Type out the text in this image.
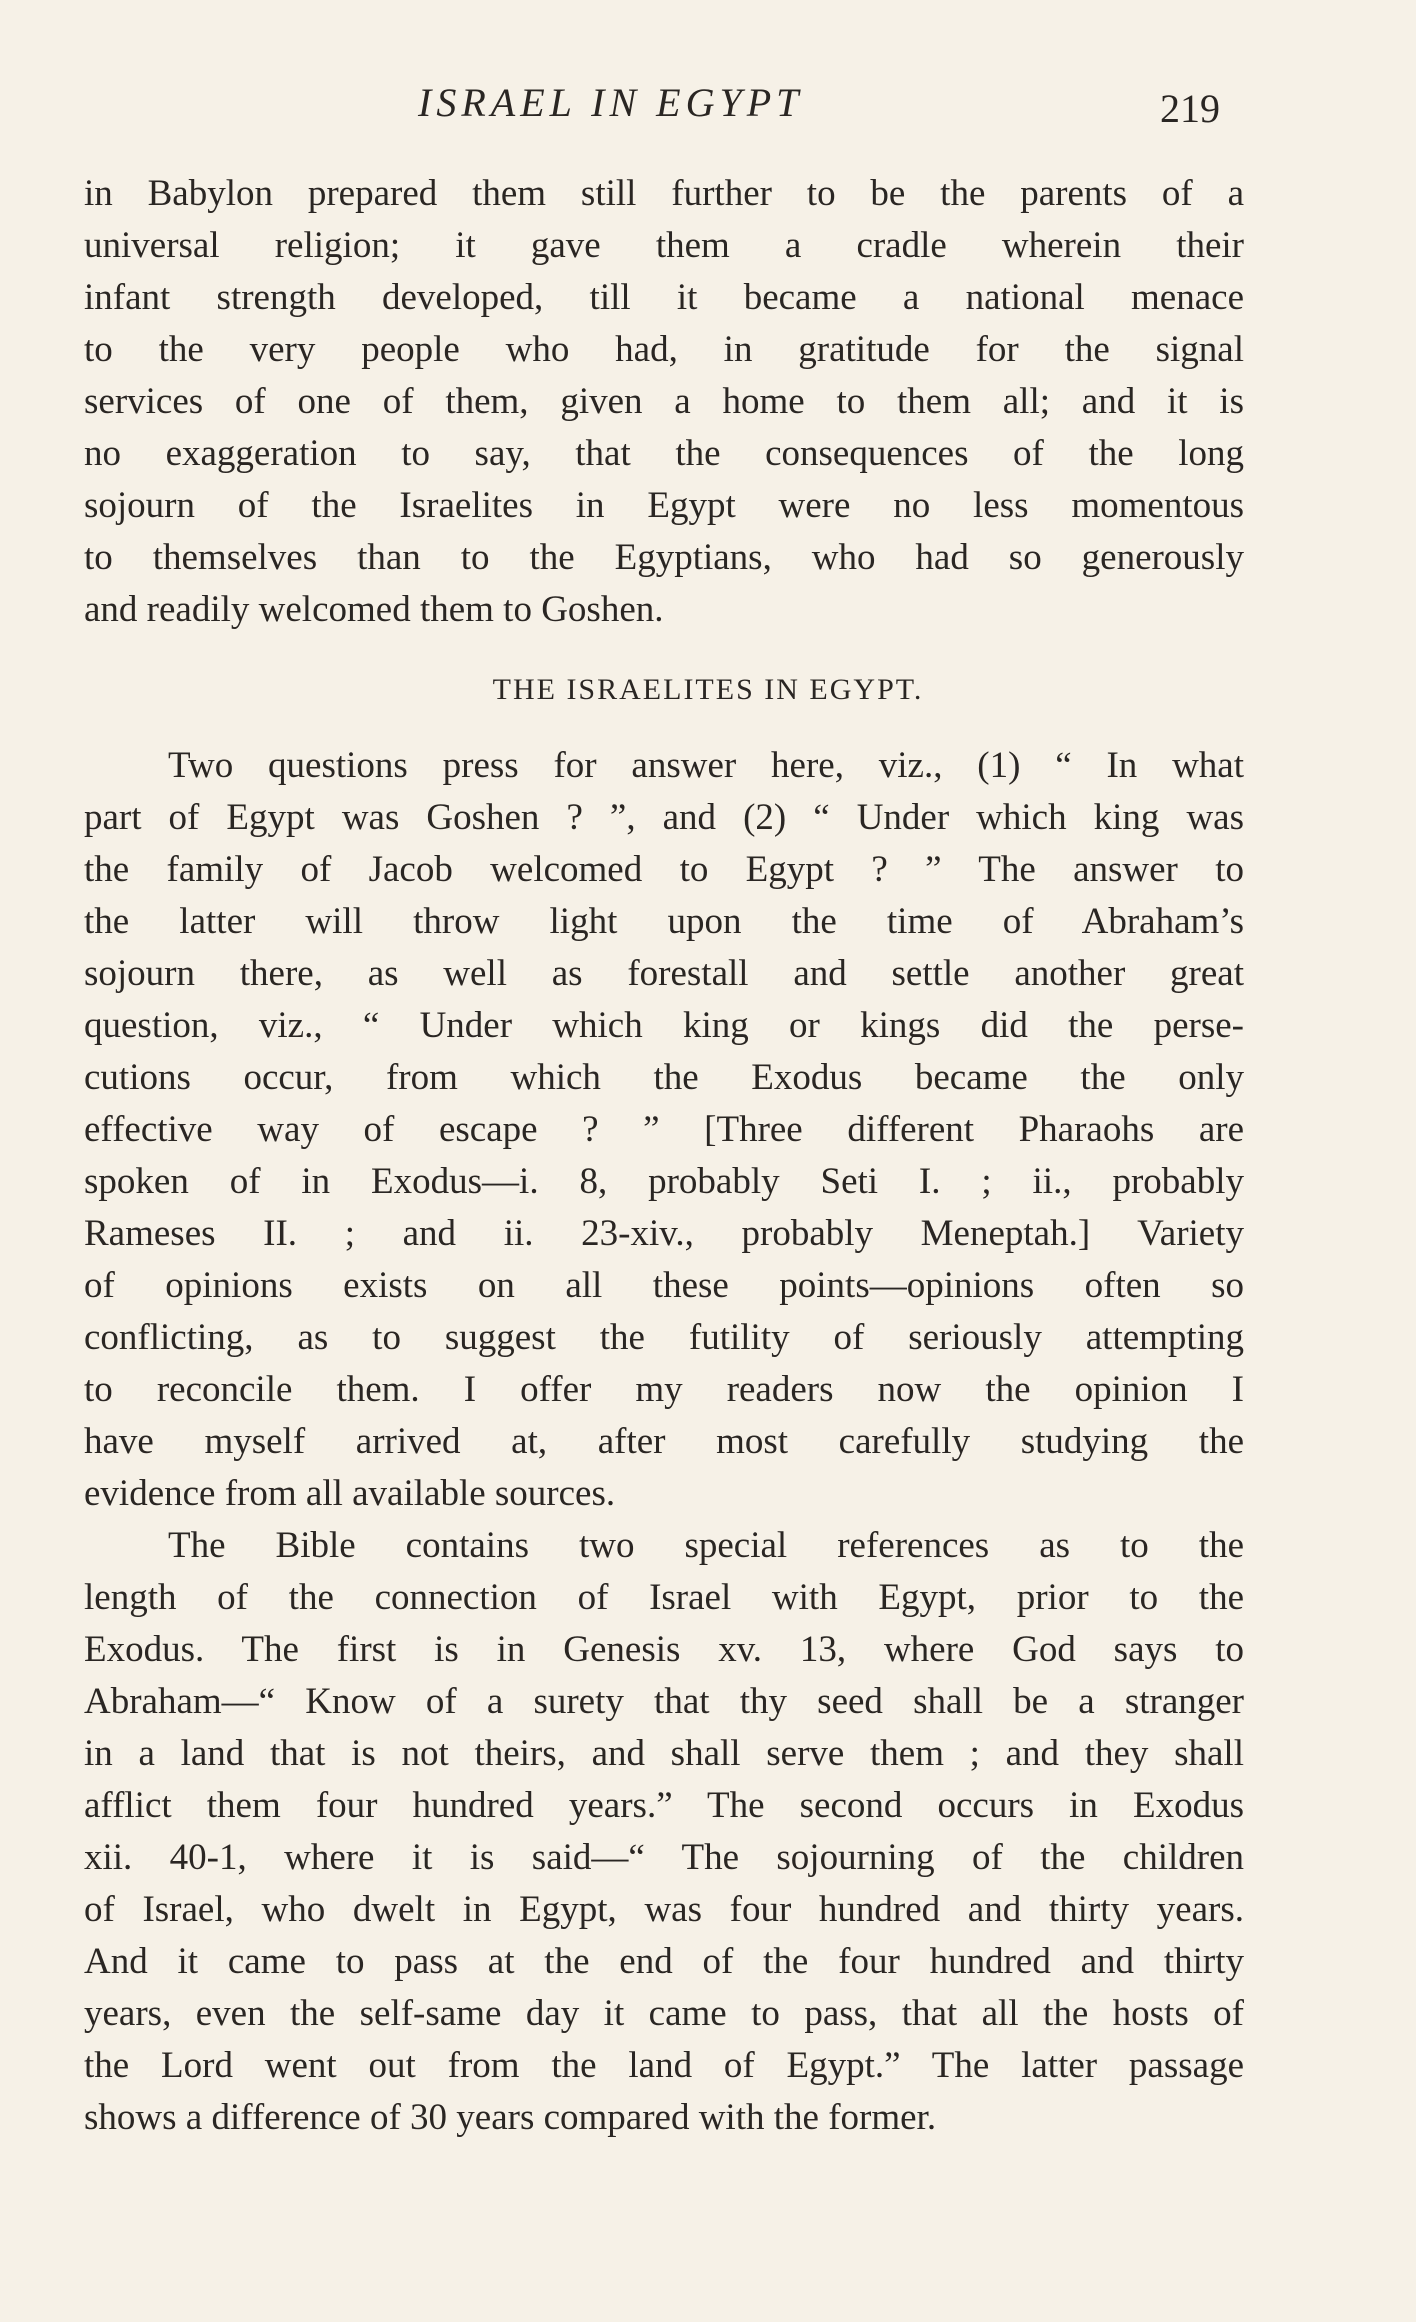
ISRAEL IN EGYPT	219
in Babylon prepared them still further to be the parents of a
universal religion; it gave them a cradle wherein their
infant strength developed, till it became a national menace
to the very people who had, in gratitude for the signal
services of one of them, given a home to them all; and it is
no exaggeration to say, that the consequences of the long
sojourn of the Israelites in Egypt were no less momentous
to themselves than to the Egyptians, who had so generously
and readily welcomed them to Goshen.
THE ISRAELITES IN EGYPT.
Two questions press for answer here, viz., (1) “ In what
part of Egypt was Goshen ? ”, and (2) “ Under which king was
the family of Jacob welcomed to Egypt ? ” The answer to
the latter will throw light upon the time of Abraham’s
sojourn there, as well as forestall and settle another great
question, viz., “ Under which king or kings did the perse-
cutions occur, from which the Exodus became the only
effective way of escape ? ” [Three different Pharaohs are
spoken of in Exodus—i. 8, probably Seti I. ; ii., probably
Rameses II. ; and ii. 23-xiv., probably Meneptah.] Variety
of opinions exists on all these points—opinions often so
conflicting, as to suggest the futility of seriously attempting
to reconcile them. I offer my readers now the opinion I
have myself arrived at, after most carefully studying the
evidence from all available sources.
The Bible contains two special references as to the
length of the connection of Israel with Egypt, prior to the
Exodus. The first is in Genesis xv. 13, where God says to
Abraham—“ Know of a surety that thy seed shall be a stranger
in a land that is not theirs, and shall serve them ; and they shall
afflict them four hundred years.” The second occurs in Exodus
xii. 40-1, where it is said—“ The sojourning of the children
of Israel, who dwelt in Egypt, was four hundred and thirty years.
And it came to pass at the end of the four hundred and thirty
years, even the self-same day it came to pass, that all the hosts of
the Lord went out from the land of Egypt.” The latter passage
shows a difference of 30 years compared with the former.
